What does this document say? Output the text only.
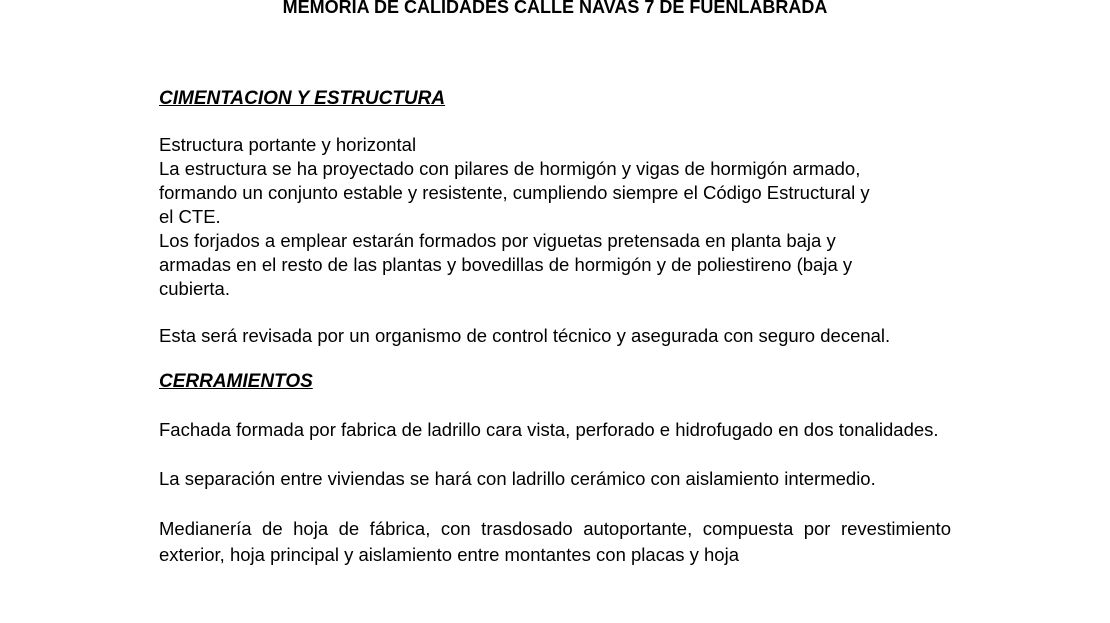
MEMORIA DE CALIDADES CALLE NAVAS 7 DE FUENLABRADA
CIMENTACION Y ESTRUCTURA

Estructura portante y horizontal
La estructura se ha proyectado con pilares de hormigón y vigas de hormigón armado,
formando un conjunto estable y resistente, cumpliendo siempre el Código Estructural y
el CTE.
Los forjados a emplear estarán formados por viguetas pretensada en planta baja y
armadas en el resto de las plantas y bovedillas de hormigón y de poliestireno (baja y
cubierta.

Esta será revisada por un organismo de control técnico y asegurada con seguro decenal.

CERRAMIENTOS

Fachada formada por fabrica de ladrillo cara vista, perforado e hidrofugado en dos tonalidades.

La separación entre viviendas se hará con ladrillo cerámico con aislamiento intermedio.

Medianería de hoja de fábrica, con trasdosado autoportante, compuesta por revestimiento exterior, hoja principal y aislamiento entre montantes con placas y hoja
